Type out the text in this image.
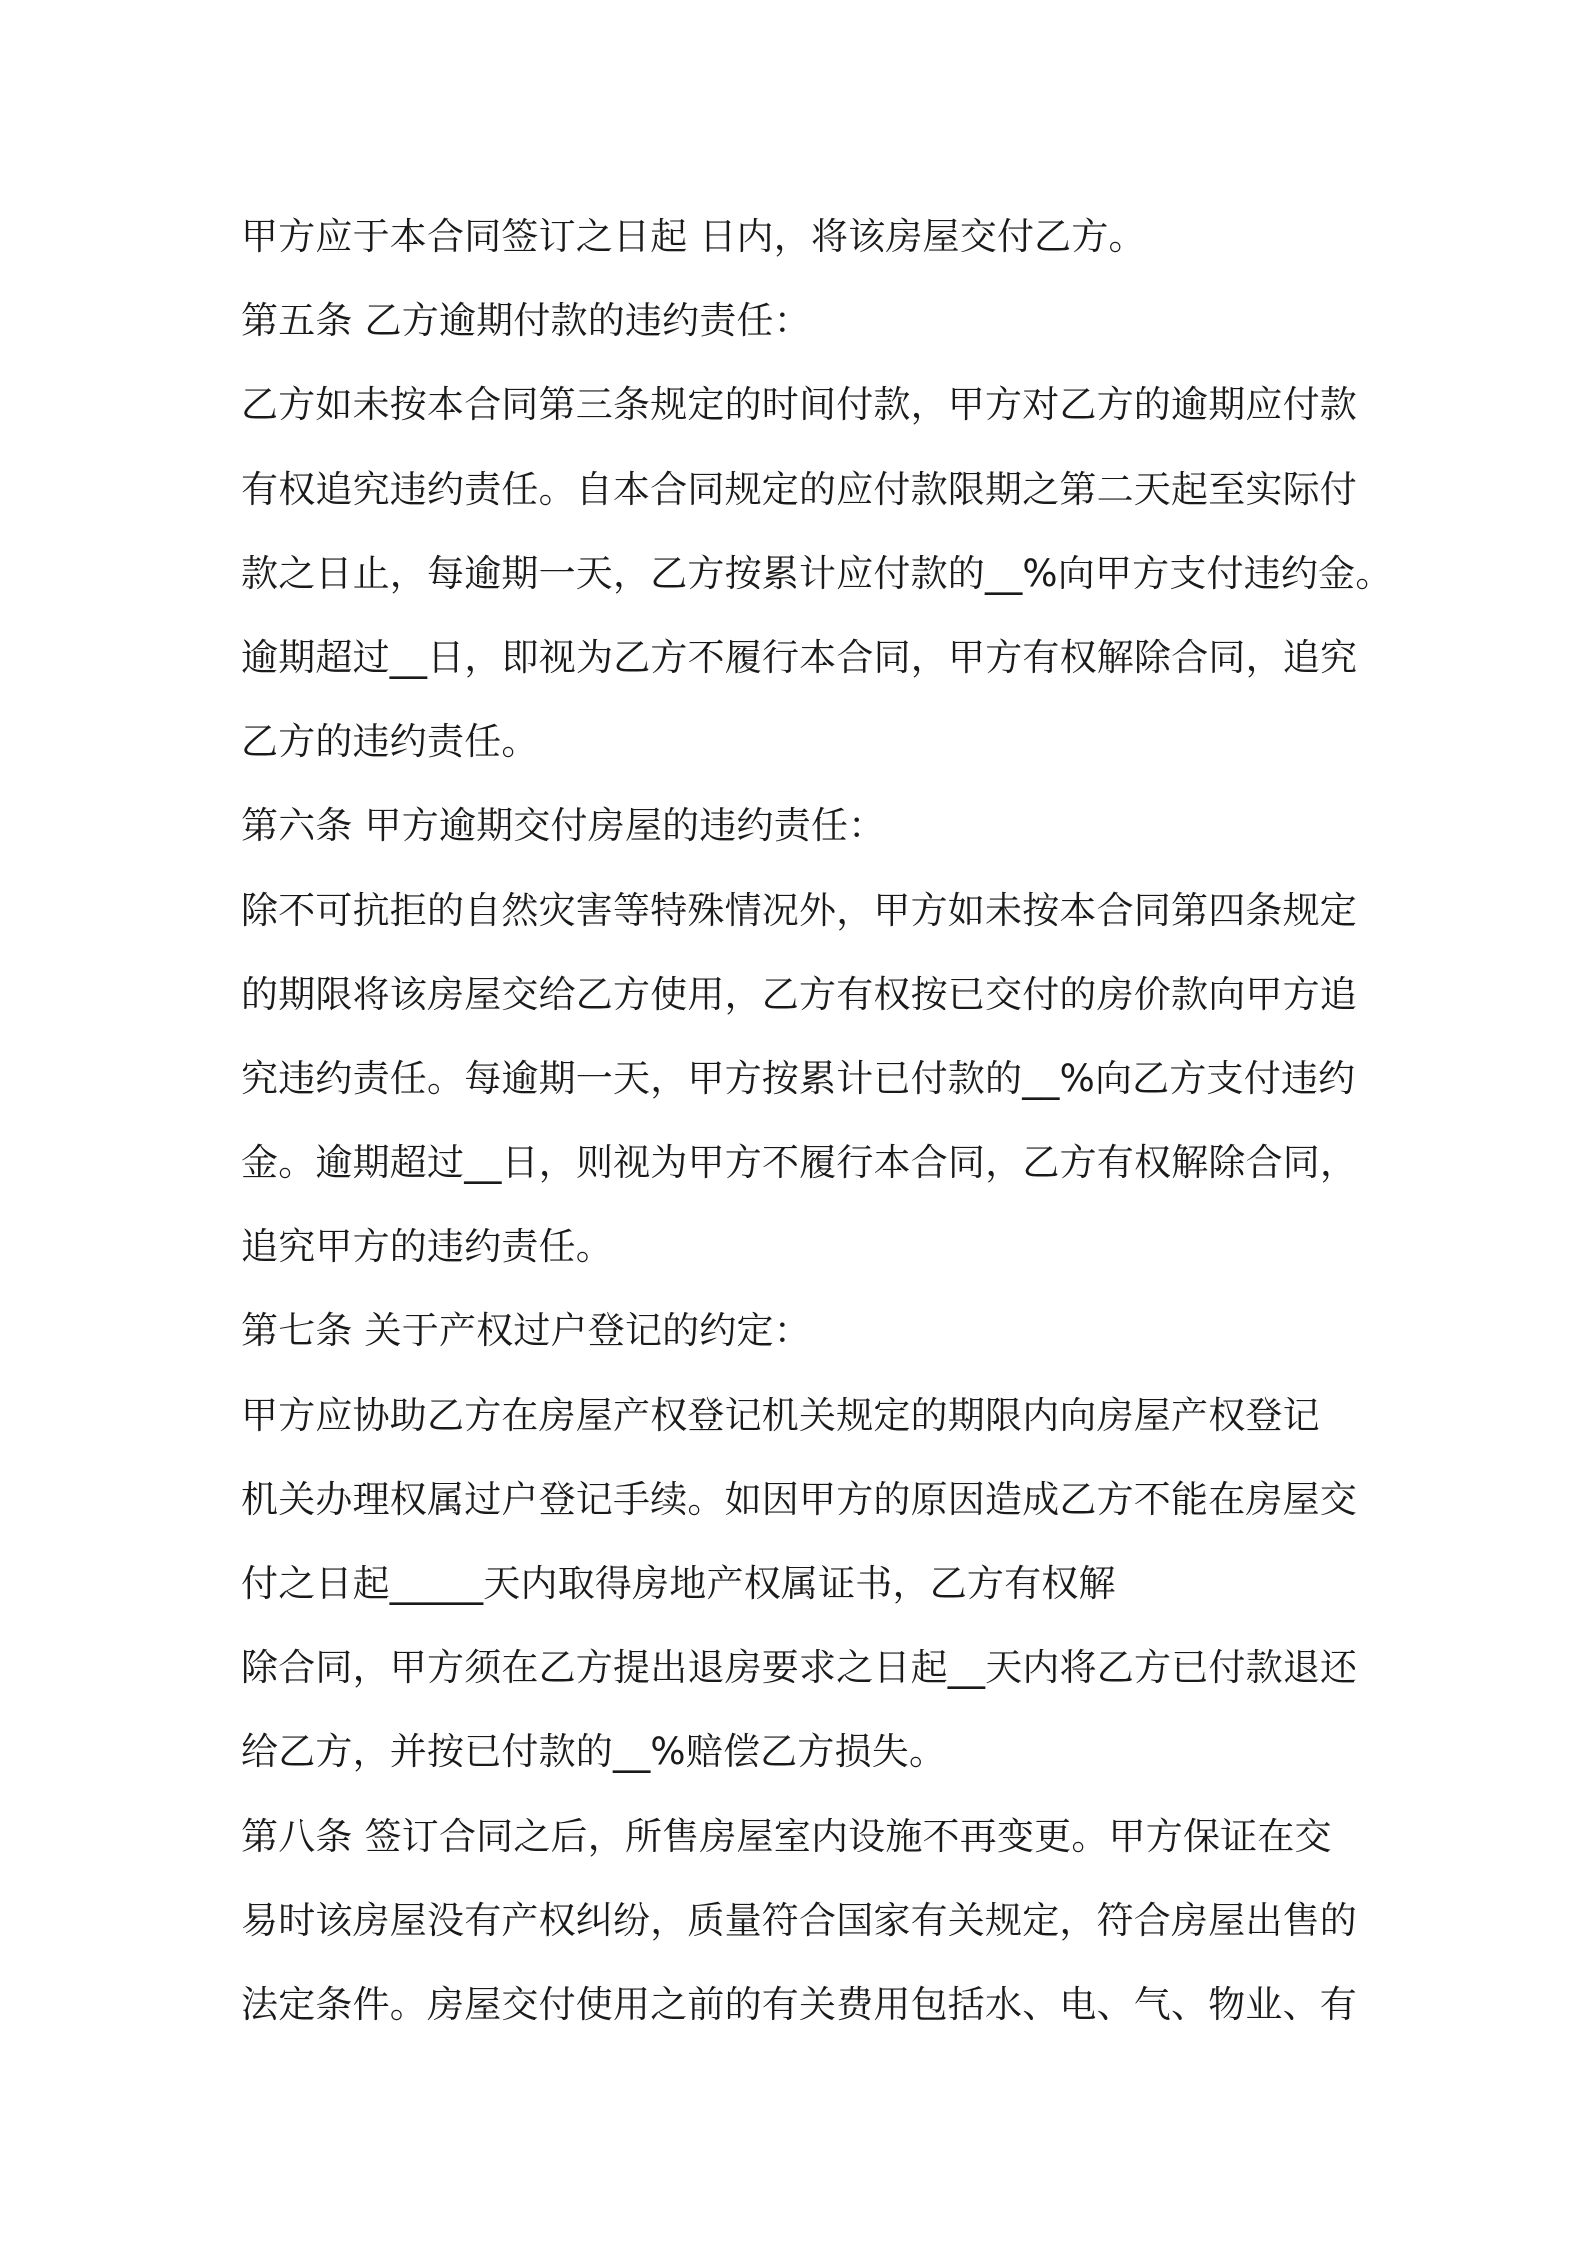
甲方应于本合同签订之日起 日内，将该房屋交付乙方。
第五条 乙方逾期付款的违约责任：
乙方如未按本合同第三条规定的时间付款，甲方对乙方的逾期应付款
有权追究违约责任。自本合同规定的应付款限期之第二天起至实际付
款之日止，每逾期一天，乙方按累计应付款的__%向甲方支付违约金。
逾期超过__日，即视为乙方不履行本合同，甲方有权解除合同，追究
乙方的违约责任。
第六条 甲方逾期交付房屋的违约责任：
除不可抗拒的自然灾害等特殊情况外，甲方如未按本合同第四条规定
的期限将该房屋交给乙方使用，乙方有权按已交付的房价款向甲方追
究违约责任。每逾期一天，甲方按累计已付款的__%向乙方支付违约
金。逾期超过__日，则视为甲方不履行本合同，乙方有权解除合同，
追究甲方的违约责任。
第七条 关于产权过户登记的约定：
甲方应协助乙方在房屋产权登记机关规定的期限内向房屋产权登记
机关办理权属过户登记手续。如因甲方的原因造成乙方不能在房屋交
付之日起_____天内取得房地产权属证书，乙方有权解
除合同，甲方须在乙方提出退房要求之日起__天内将乙方已付款退还
给乙方，并按已付款的__%赔偿乙方损失。
第八条 签订合同之后，所售房屋室内设施不再变更。甲方保证在交
易时该房屋没有产权纠纷，质量符合国家有关规定，符合房屋出售的
法定条件。房屋交付使用之前的有关费用包括水、电、气、物业、有
